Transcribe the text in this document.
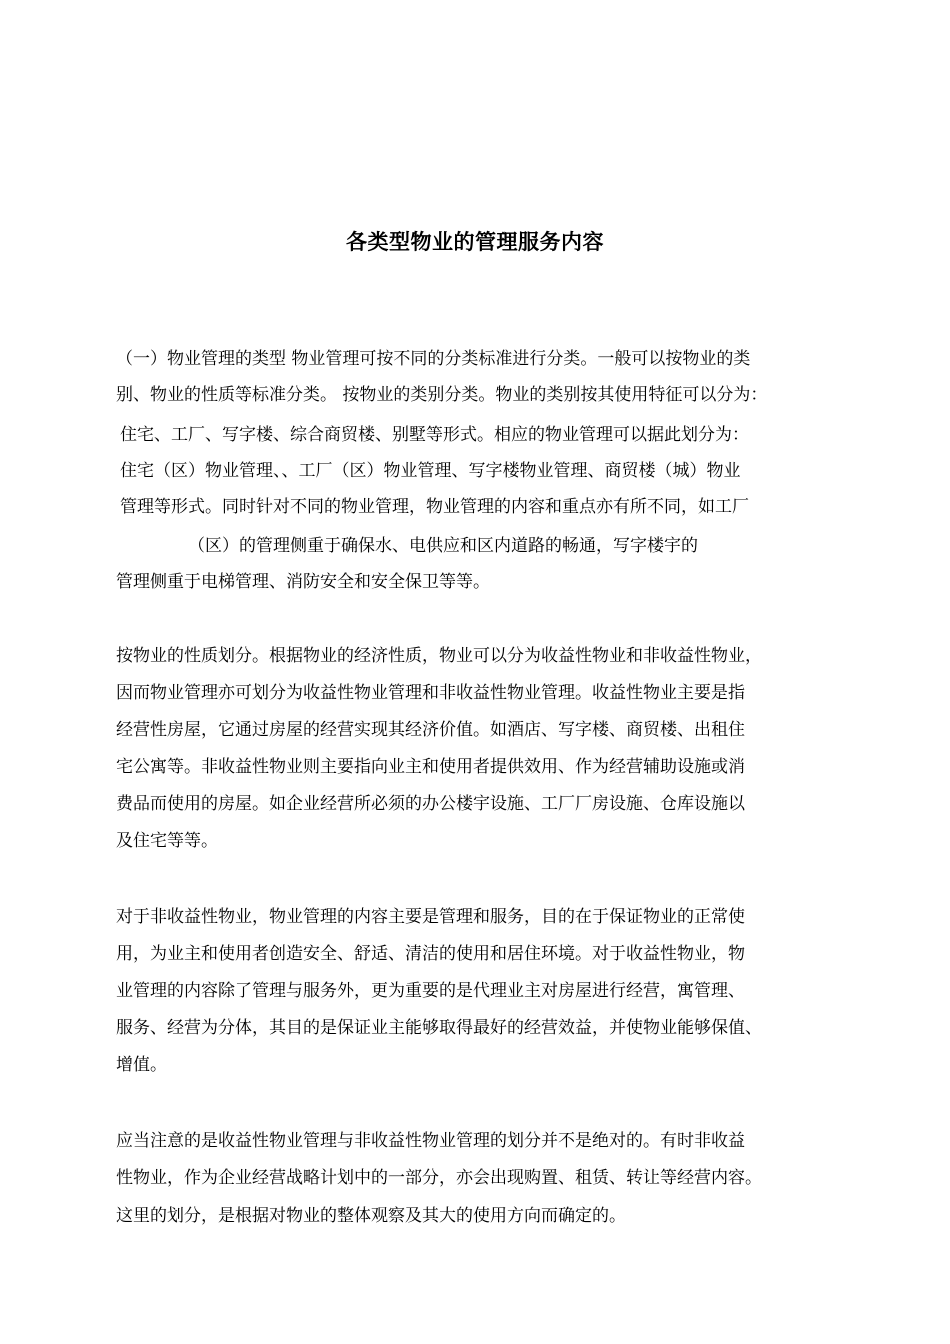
各类型物业的管理服务内容
（一）物业管理的类型 物业管理可按不同的分类标准进行分类。一般可以按物业的类
别、物业的性质等标准分类。 按物业的类别分类。物业的类别按其使用特征可以分为：
住宅、工厂、写字楼、综合商贸楼、别墅等形式。相应的物业管理可以据此划分为：
住宅（区）物业管理、、工厂（区）物业管理、写字楼物业管理、商贸楼（城）物业
管理等形式。同时针对不同的物业管理，物业管理的内容和重点亦有所不同，如工厂
（区）的管理侧重于确保水、电供应和区内道路的畅通，写字楼宇的
管理侧重于电梯管理、消防安全和安全保卫等等。
按物业的性质划分。根据物业的经济性质，物业可以分为收益性物业和非收益性物业，
因而物业管理亦可划分为收益性物业管理和非收益性物业管理。收益性物业主要是指
经营性房屋，它通过房屋的经营实现其经济价值。如酒店、写字楼、商贸楼、出租住
宅公寓等。非收益性物业则主要指向业主和使用者提供效用、作为经营辅助设施或消
费品而使用的房屋。如企业经营所必须的办公楼宇设施、工厂厂房设施、仓库设施以
及住宅等等。
对于非收益性物业，物业管理的内容主要是管理和服务，目的在于保证物业的正常使
用，为业主和使用者创造安全、舒适、清洁的使用和居住环境。对于收益性物业，物
业管理的内容除了管理与服务外，更为重要的是代理业主对房屋进行经营，寓管理、
服务、经营为分体，其目的是保证业主能够取得最好的经营效益，并使物业能够保值、
增值。
应当注意的是收益性物业管理与非收益性物业管理的划分并不是绝对的。有时非收益
性物业，作为企业经营战略计划中的一部分，亦会出现购置、租赁、转让等经营内容。
这里的划分，是根据对物业的整体观察及其大的使用方向而确定的。
